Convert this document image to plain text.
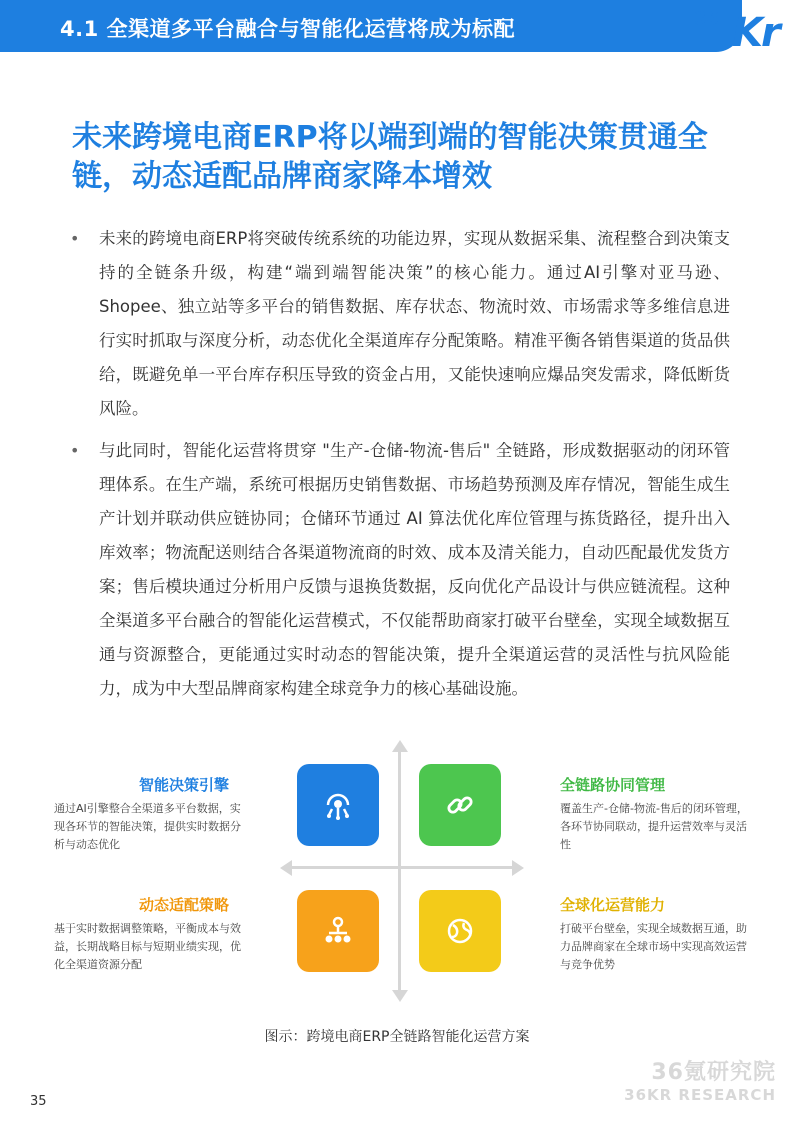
4.1 全渠道多平台融合与智能化运营将成为标配	36 Kr
未来跨境电商ERP将以端到端的智能决策贯通全链，动态适配品牌商家降本增效
• 未来的跨境电商ERP将突破传统系统的功能边界，实现从数据采集、流程整合到决策支持的全链条升级，构建“端到端智能决策”的核心能力。通过AI引擎对亚马逊、Shopee、独立站等多平台的销售数据、库存状态、物流时效、市场需求等多维信息进行实时抓取与深度分析，动态优化全渠道库存分配策略。精准平衡各销售渠道的货品供给，既避免单一平台库存积压导致的资金占用，又能快速响应爆品突发需求，降低断货风险。
• 与此同时，智能化运营将贯穿 "生产-仓储-物流-售后" 全链路，形成数据驱动的闭环管理体系。在生产端，系统可根据历史销售数据、市场趋势预测及库存情况，智能生成生产计划并联动供应链协同；仓储环节通过 AI 算法优化库位管理与拣货路径，提升出入库效率；物流配送则结合各渠道物流商的时效、成本及清关能力，自动匹配最优发货方案；售后模块通过分析用户反馈与退换货数据，反向优化产品设计与供应链流程。这种全渠道多平台融合的智能化运营模式，不仅能帮助商家打破平台壁垒，实现全域数据互通与资源整合，更能通过实时动态的智能决策，提升全渠道运营的灵活性与抗风险能力，成为中大型品牌商家构建全球竞争力的核心基础设施。
智能决策引擎
通过AI引擎整合全渠道多平台数据，实现各环节的智能决策，提供实时数据分析与动态优化
全链路协同管理
覆盖生产-仓储-物流-售后的闭环管理，各环节协同联动，提升运营效率与灵活性
动态适配策略
基于实时数据调整策略，平衡成本与效益，长期战略目标与短期业绩实现，优化全渠道资源分配
全球化运营能力
打破平台壁垒，实现全域数据互通，助力品牌商家在全球市场中实现高效运营与竞争优势
图示：跨境电商ERP全链路智能化运营方案
36氪研究院
36KR RESEARCH
35
